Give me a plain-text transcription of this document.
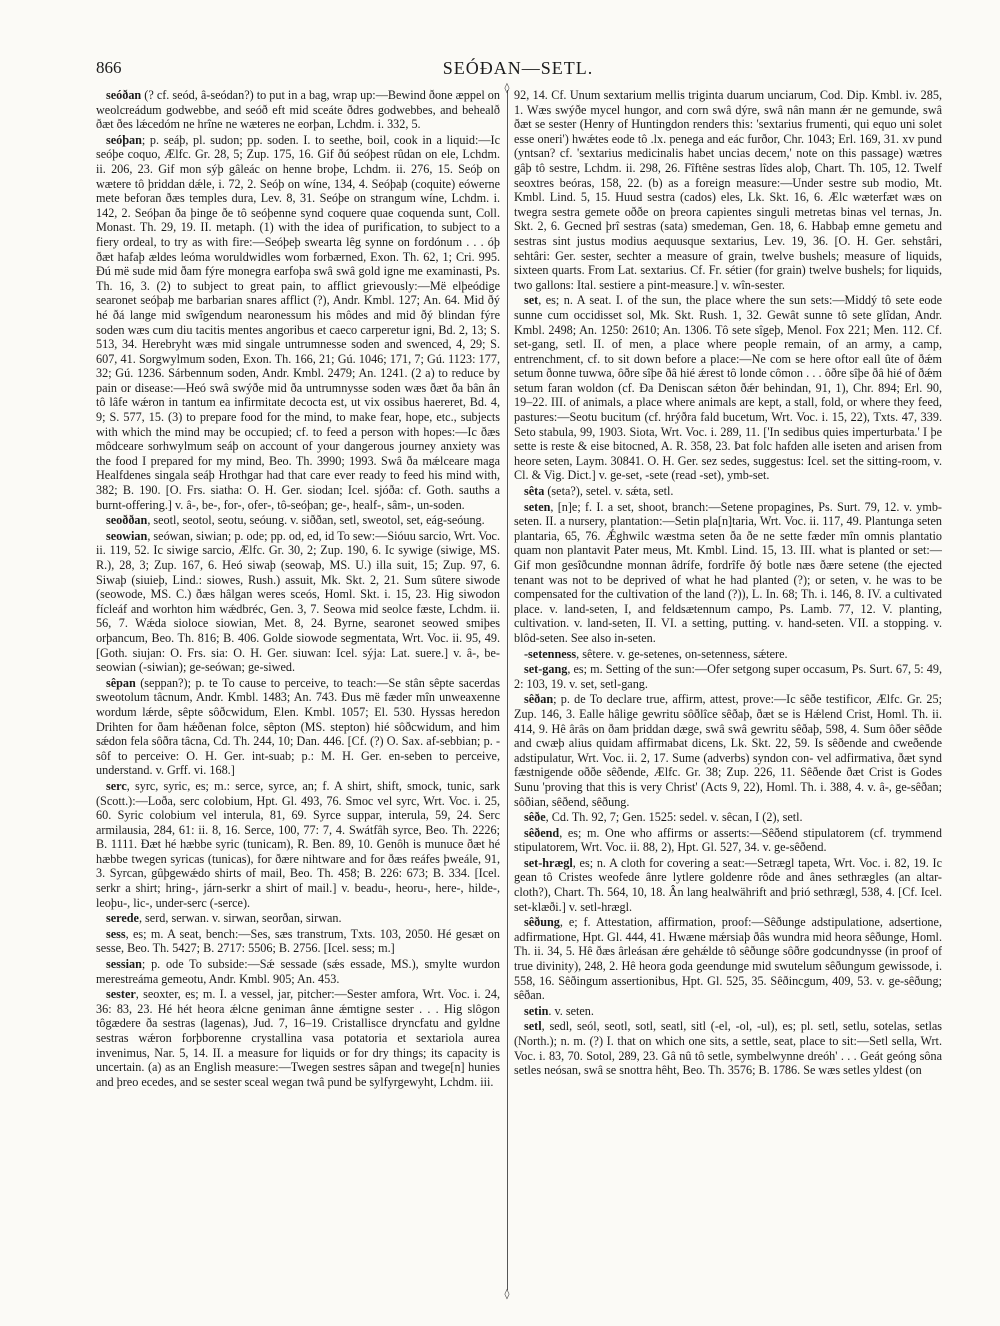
866	SEÓÐAN—SETL.

seóðan (? cf. seód, â-seódan?) to put in a bag, wrap up:—Bewind ðone æppel on weolcreádum godwebbe, and seóð eft mid sceáte ðdres godwebbes, and behealð ðæt ðes lǽcedóm ne hrîne ne wæteres ne eorþan, Lchdm. i. 332, 5.

seóþan; p. seáþ, pl. sudon; pp. soden. I. to seethe, boil, cook in a liquid:—Ic seóþe coquo, Ælfc. Gr. 28, 5; Zup. 175, 16. Gif ðú seóþest rûdan on ele, Lchdm. ii. 206, 23. Gif mon sýþ gâleác on henne broþe, Lchdm. ii. 276, 15. Seóþ on wætere tô þriddan dǽle, i. 72, 2. Seóþ on wíne, 134, 4. Seóþaþ (coquite) eówerne mete beforan ðæs temples dura, Lev. 8, 31. Seóþe on strangum wíne, Lchdm. i. 142, 2. Seóþan ða þinge ðe tô seóþenne synd coquere quae coquenda sunt, Coll. Monast. Th. 29, 19. II. metaph. (1) with the idea of purification, to subject to a fiery ordeal, to try as with fire:—Seóþeþ swearta lêg synne on fordónum . . . óþ ðæt hafaþ ældes leóma woruldwidles wom forbærned, Exon. Th. 62, 1; Cri. 995. Ðú më sude mid ðam fýre monegra earfoþa swâ swâ gold igne me examinasti, Ps. Th. 16, 3. (2) to subject to great pain, to afflict grievously:—Më elþeódige searonet seóþaþ me barbarian snares afflict (?), Andr. Kmbl. 127; An. 64. Mid ðý hé ðá lange mid swîgendum nearonessum his môdes and mid ðý blindan fýre soden wæs cum diu tacitis mentes angoribus et caeco carperetur igni, Bd. 2, 13; S. 513, 34. Herebryht wæs mid singale untrumnesse soden and swenced, 4, 29; S. 607, 41. Sorgwylmum soden, Exon. Th. 166, 21; Gú. 1046; 171, 7; Gú. 1123: 177, 32; Gú. 1236. Sárbennum soden, Andr. Kmbl. 2479; An. 1241. (2 a) to reduce by pain or disease:—Heó swâ swýðe mid ða untrumnysse soden wæs ðæt ða bân ân tô lâfe wǽron in tantum ea infirmitate decocta est, ut vix ossibus haereret, Bd. 4, 9; S. 577, 15. (3) to prepare food for the mind, to make fear, hope, etc., subjects with which the mind may be occupied; cf. to feed a person with hopes:—Ic ðæs môdceare sorhwylmum seáþ on account of your dangerous journey anxiety was the food I prepared for my mind, Beo. Th. 3990; 1993. Swâ ða mǽlceare maga Healfdenes singala seáþ Hrothgar had that care ever ready to feed his mind with, 382; B. 190. [O. Frs. siatha: O. H. Ger. siodan; Icel. sjóða: cf. Goth. sauths a burnt-offering.] v. â-, be-, for-, ofer-, tô-seóþan; ge-, healf-, sâm-, un-soden.

seoððan, seotl, seotol, seotu, seóung. v. siððan, setl, sweotol, set, eág-seóung.

seowian, seówan, siwian; p. ode; pp. od, ed, id To sew:—Sióuu sarcio, Wrt. Voc. ii. 119, 52. Ic siwige sarcio, Ælfc. Gr. 30, 2; Zup. 190, 6. Ic sywige (siwige, MS. R.), 28, 3; Zup. 167, 6. Heó siwaþ (seowaþ, MS. U.) illa suit, 15; Zup. 97, 6. Siwaþ (siuieþ, Lind.: siowes, Rush.) assuit, Mk. Skt. 2, 21. Sum sûtere siwode (seowode, MS. C.) ðæs hâlgan weres sceós, Homl. Skt. i. 15, 23. Hig siwodon fícleáf and worhton him wǽdbréc, Gen. 3, 7. Seowa mid seolce fæste, Lchdm. ii. 56, 7. Wǽda sioloce siowian, Met. 8, 24. Byrne, searonet seowed smiþes orþancum, Beo. Th. 816; B. 406. Golde siowode segmentata, Wrt. Voc. ii. 95, 49. [Goth. siujan: O. Frs. sia: O. H. Ger. siuwan: Icel. sýja: Lat. suere.] v. â-, be-seowian (-siwian); ge-seówan; ge-siwed.

sêpan (seppan?); p. te To cause to perceive, to teach:—Se stân sêpte sacerdas sweotolum tâcnum, Andr. Kmbl. 1483; An. 743. Ðus më fæder mîn unweaxenne wordum lǽrde, sêpte sôðcwidum, Elen. Kmbl. 1057; El. 530. Hyssas heredon Drihten for ðam hǽðenan folce, sêpton (MS. stepton) hié sôðcwidum, and him sǽdon fela sôðra tâcna, Cd. Th. 244, 10; Dan. 446. [Cf. (?) O. Sax. af-sebbian; p. -sôf to perceive: O. H. Ger. int-suab; p.: M. H. Ger. en-seben to perceive, understand. v. Grff. vi. 168.]

serc, syrc, syric, es; m.: serce, syrce, an; f. A shirt, shift, smock, tunic, sark (Scott.):—Loða, serc colobium, Hpt. Gl. 493, 76. Smoc vel syrc, Wrt. Voc. i. 25, 60. Syric colobium vel interula, 81, 69. Syrce suppar, interula, 59, 24. Serc armilausia, 284, 61: ii. 8, 16. Serce, 100, 77: 7, 4. Swátfâh syrce, Beo. Th. 2226; B. 1111. Ðæt hé hæbbe syric (tunicam), R. Ben. 89, 10. Genôh is munuce ðæt hé hæbbe twegen syricas (tunicas), for ðære nihtware and for ðæs reáfes þweále, 91, 3. Syrcan, gûþgewǽdo shirts of mail, Beo. Th. 458; B. 226: 673; B. 334. [Icel. serkr a shirt; hring-, járn-serkr a shirt of mail.] v. beadu-, heoru-, here-, hilde-, leoþu-, lic-, under-serc (-serce).

serede, serd, serwan. v. sirwan, seorðan, sirwan.

sess, es; m. A seat, bench:—Ses, sæs transtrum, Txts. 103, 2050. Hé gesæt on sesse, Beo. Th. 5427; B. 2717: 5506; B. 2756. [Icel. sess; m.]

sessian; p. ode To subside:—Sǽ sessade (sǽs essade, MS.), smylte wurdon merestreáma gemeotu, Andr. Kmbl. 905; An. 453.

sester, seoxter, es; m. I. a vessel, jar, pitcher:—Sester amfora, Wrt. Voc. i. 24, 36: 83, 23. Hé hét heora ǽlcne geniman ânne ǽmtigne sester . . . Hig slôgon tôgædere ða sestras (lagenas), Jud. 7, 16–19. Cristallisce dryncfatu and gyldne sestras wǽron forþborenne crystallina vasa potatoria et sextariola aurea invenimus, Nar. 5, 14. II. a measure for liquids or for dry things; its capacity is uncertain. (a) as an English measure:—Twegen sestres sâpan and twege[n] hunies and þreo ecedes, and se sester sceal wegan twâ pund be sylfyrgewyht, Lchdm. iii.

◊
◊

92, 14. Cf. Unum sextarium mellis triginta duarum unciarum, Cod. Dip. Kmbl. iv. 285, 1. Wæs swýðe mycel hungor, and corn swâ dýre, swâ nân mann ǽr ne gemunde, swâ ðæt se sester (Henry of Huntingdon renders this: 'sextarius frumenti, qui equo uni solet esse oneri') hwǽtes eode tô .lx. penega and eác furðor, Chr. 1043; Erl. 169, 31. xv pund (yntsan? cf. 'sextarius medicinalis habet uncias decem,' note on this passage) wætres gâþ tô sestre, Lchdm. ii. 298, 26. Fîftêne sestras lîdes aloþ, Chart. Th. 105, 12. Twelf seoxtres beóras, 158, 22. (b) as a foreign measure:—Under sestre sub modio, Mt. Kmbl. Lind. 5, 15. Huud sestra (cados) eles, Lk. Skt. 16, 6. Ælc wæterfæt wæs on twegra sestra gemete oððe on þreora capientes singuli metretas binas vel ternas, Jn. Skt. 2, 6. Gecned þrî sestras (sata) smedeman, Gen. 18, 6. Habbaþ emne gemetu and sestras sint justus modius aequusque sextarius, Lev. 19, 36. [O. H. Ger. sehstâri, sehtâri: Ger. sester, sechter a measure of grain, twelve bushels; measure of liquids, sixteen quarts. From Lat. sextarius. Cf. Fr. sétier (for grain) twelve bushels; for liquids, two gallons: Ital. sestiere a pint-measure.] v. wîn-sester.

set, es; n. A seat. I. of the sun, the place where the sun sets:—Middý tô sete eode sunne cum occidisset sol, Mk. Skt. Rush. 1, 32. Gewât sunne tô sete glîdan, Andr. Kmbl. 2498; An. 1250: 2610; An. 1306. Tô sete sîgeþ, Menol. Fox 221; Men. 112. Cf. set-gang, setl. II. of men, a place where people remain, of an army, a camp, entrenchment, cf. to sit down before a place:—Ne com se here oftor eall ûte of ðǽm setum ðonne tuwwa, ôðre sîþe ðâ hié ǽrest tô londe cômon . . . ôðre sîþe ðâ hié of ðǽm setum faran woldon (cf. Ða Deniscan sǽton ðǽr behindan, 91, 1), Chr. 894; Erl. 90, 19–22. III. of animals, a place where animals are kept, a stall, fold, or where they feed, pastures:—Seotu bucitum (cf. hrýðra fald bucetum, Wrt. Voc. i. 15, 22), Txts. 47, 339. Seto stabula, 99, 1903. Siota, Wrt. Voc. i. 289, 11. ['In sedibus quies imperturbata.' I þe sette is reste & eise bitocned, A. R. 358, 23. Þat folc hafden alle iseten and arisen from heore seten, Laym. 30841. O. H. Ger. sez sedes, suggestus: Icel. set the sitting-room, v. Cl. & Vig. Dict.] v. ge-set, -sete (read -set), ymb-set.

sêta (seta?), setel. v. sǽta, setl.

seten, [n]e; f. I. a set, shoot, branch:—Setene propagines, Ps. Surt. 79, 12. v. ymb-seten. II. a nursery, plantation:—Setin pla[n]taria, Wrt. Voc. ii. 117, 49. Plantunga seten plantaria, 65, 76. Ǽghwilc wæstma seten ða ðe ne sette fæder mîn omnis plantatio quam non plantavit Pater meus, Mt. Kmbl. Lind. 15, 13. III. what is planted or set:—Gif mon gesîðcundne monnan âdrífe, fordrîfe ðý botle næs ðære setene (the ejected tenant was not to be deprived of what he had planted (?); or seten, v. he was to be compensated for the cultivation of the land (?)), L. In. 68; Th. i. 146, 8. IV. a cultivated place. v. land-seten, I, and feldsætennum campo, Ps. Lamb. 77, 12. V. planting, cultivation. v. land-seten, II. VI. a setting, putting. v. hand-seten. VII. a stopping. v. blôd-seten. See also in-seten.

-setenness, sêtere. v. ge-setenes, on-setenness, sǽtere.

set-gang, es; m. Setting of the sun:—Ofer setgong super occasum, Ps. Surt. 67, 5: 49, 2: 103, 19. v. set, setl-gang.

sêðan; p. de To declare true, affirm, attest, prove:—Ic sêðe testificor, Ælfc. Gr. 25; Zup. 146, 3. Ealle hâlige gewritu sôðlîce sêðaþ, ðæt se is Hǽlend Crist, Homl. Th. ii. 414, 9. Hê ârâs on ðam þriddan dæge, swâ swâ gewritu sêðaþ, 598, 4. Sum ôðer sêðde and cwæþ alius quidam affirmabat dicens, Lk. Skt. 22, 59. Is sêðende and cweðende adstipulatur, Wrt. Voc. ii. 2, 17. Sume (adverbs) syndon con- vel adfirmativa, ðæt synd fæstnigende oððe sêðende, Ælfc. Gr. 38; Zup. 226, 11. Sêðende ðæt Crist is Godes Sunu 'proving that this is very Christ' (Acts 9, 22), Homl. Th. i. 388, 4. v. â-, ge-sêðan; sôðian, sêðend, sêðung.

sêðe, Cd. Th. 92, 7; Gen. 1525: sedel. v. sêcan, I (2), setl.

sêðend, es; m. One who affirms or asserts:—Sêðend stipulatorem (cf. trymmend stipulatorem, Wrt. Voc. ii. 88, 2), Hpt. Gl. 527, 34. v. ge-sêðend.

set-hrægl, es; n. A cloth for covering a seat:—Setrægl tapeta, Wrt. Voc. i. 82, 19. Ic gean tô Cristes weofede ânre lytlere goldenre rôde and ânes sethrægles (an altar-cloth?), Chart. Th. 564, 10, 18. Ân lang healwährift and þrió sethrægl, 538, 4. [Cf. Icel. set-klæði.] v. setl-hrægl.

sêðung, e; f. Attestation, affirmation, proof:—Sêðunge adstipulatione, adsertione, adfirmatione, Hpt. Gl. 444, 41. Hwæne mǽrsiaþ ðâs wundra mid heora sêðunge, Homl. Th. ii. 34, 5. Hê ðæs ârleásan ǽre gehǽlde tô sêðunge sôðre godcundnysse (in proof of true divinity), 248, 2. Hê heora goda geendunge mid swutelum sêðungum gewissode, i. 558, 16. Sêðingum assertionibus, Hpt. Gl. 525, 35. Sêðincgum, 409, 53. v. ge-sêðung; sêðan.

setin. v. seten.

setl, sedl, seól, seotl, sotl, seatl, sitl (-el, -ol, -ul), es; pl. setl, setlu, sotelas, setlas (North.); n. m. (?) I. that on which one sits, a settle, seat, place to sit:—Setl sella, Wrt. Voc. i. 83, 70. Sotol, 289, 23. Gâ nû tô setle, symbelwynne dreóh' . . . Geát geóng sôna setles neósan, swâ se snottra hêht, Beo. Th. 3576; B. 1786. Se wæs setles yldest (on
